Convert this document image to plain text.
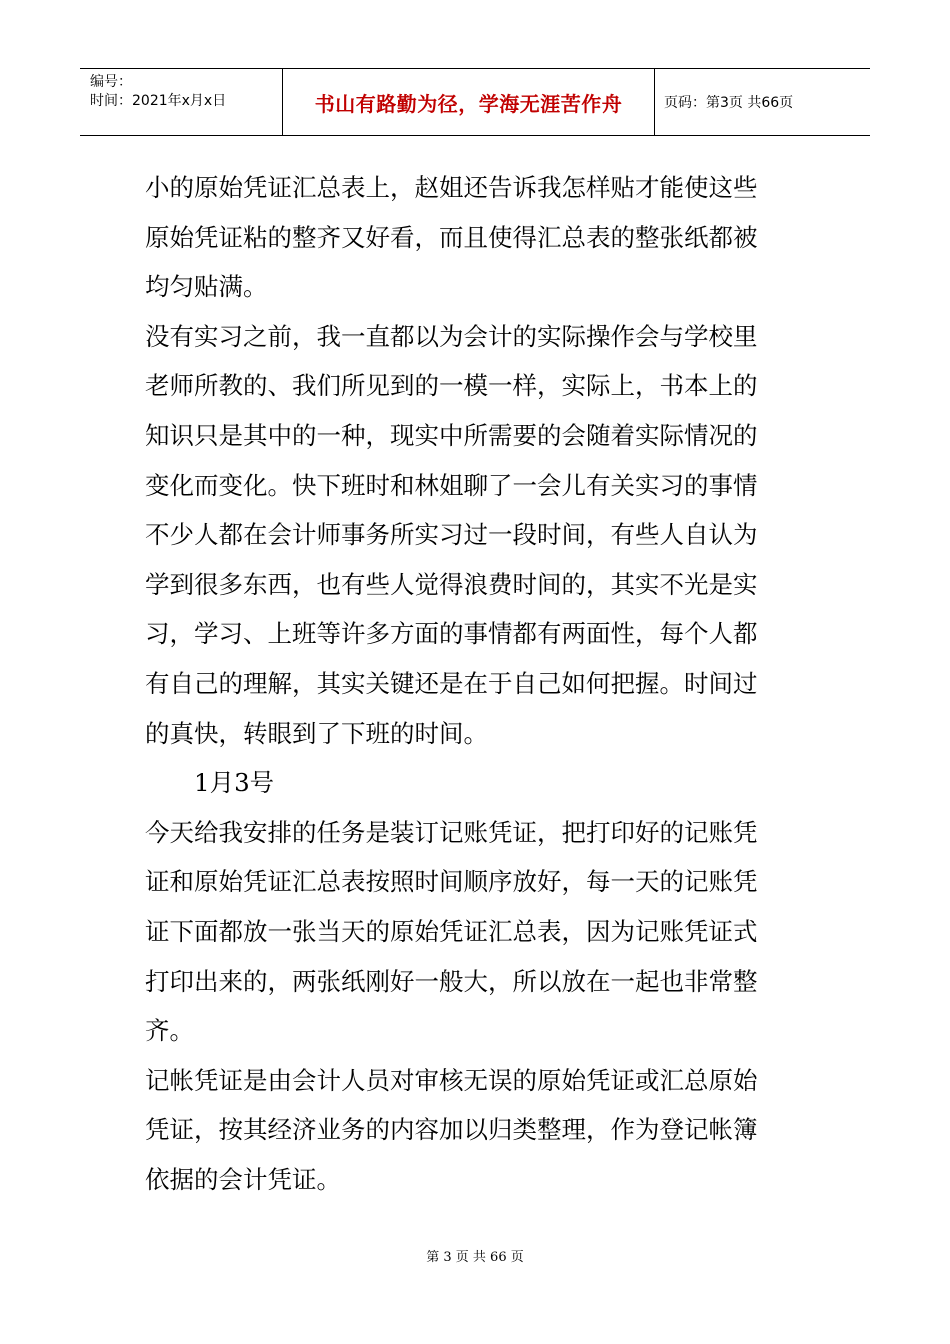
编号：
时间：2021年x月x日	书山有路勤为径，学海无涯苦作舟	页码：第3页 共66页

小的原始凭证汇总表上，赵姐还告诉我怎样贴才能使这些

原始凭证粘的整齐又好看，而且使得汇总表的整张纸都被

均匀贴满。

没有实习之前，我一直都以为会计的实际操作会与学校里

老师所教的、我们所见到的一模一样，实际上，书本上的

知识只是其中的一种，现实中所需要的会随着实际情况的

变化而变化。快下班时和林姐聊了一会儿有关实习的事情

不少人都在会计师事务所实习过一段时间，有些人自认为

学到很多东西，也有些人觉得浪费时间的，其实不光是实

习，学习、上班等许多方面的事情都有两面性，每个人都

有自己的理解，其实关键还是在于自己如何把握。时间过

的真快，转眼到了下班的时间。

1月3号

今天给我安排的任务是装订记账凭证，把打印好的记账凭

证和原始凭证汇总表按照时间顺序放好，每一天的记账凭

证下面都放一张当天的原始凭证汇总表，因为记账凭证式

打印出来的，两张纸刚好一般大，所以放在一起也非常整

齐。

记帐凭证是由会计人员对审核无误的原始凭证或汇总原始

凭证，按其经济业务的内容加以归类整理，作为登记帐簿

依据的会计凭证。

第 3 页 共 66 页
